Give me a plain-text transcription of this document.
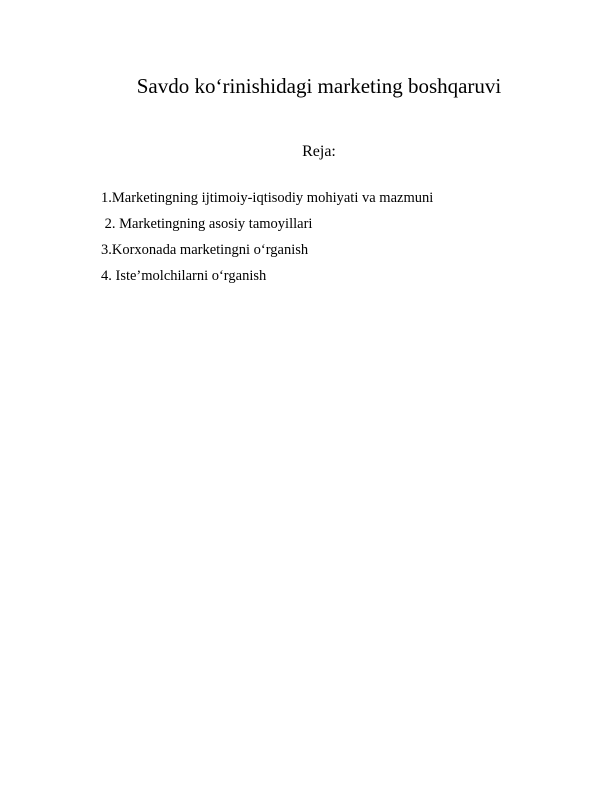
Savdo ko‘rinishidagi marketing boshqaruvi
Reja:
1.Marketingning ijtimoiy-iqtisodiy mohiyati va mazmuni
2. Marketingning asosiy tamoyillari
3.Korxonada marketingni o‘rganish
4. Iste’molchilarni o‘rganish
